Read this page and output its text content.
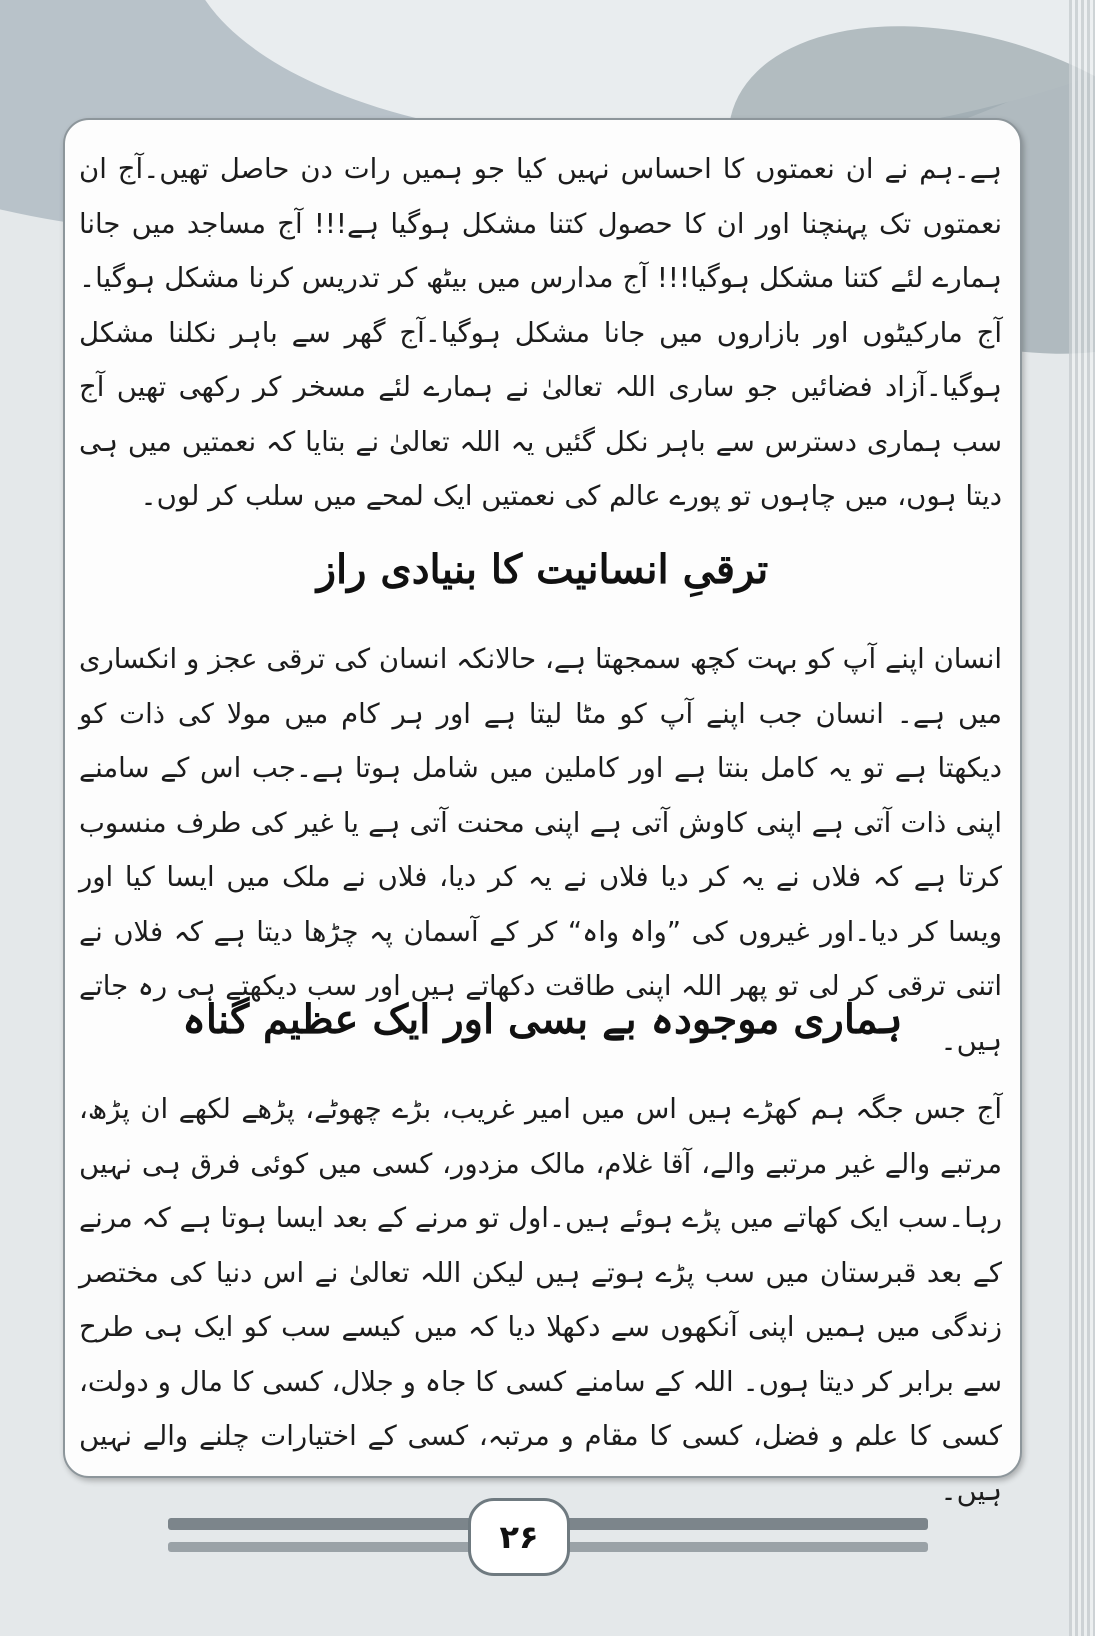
ہے۔ہم نے ان نعمتوں کا احساس نہیں کیا جو ہمیں رات دن حاصل تھیں۔آج ان نعمتوں تک پہنچنا اور ان کا حصول کتنا مشکل ہوگیا ہے!!! آج مساجد میں جانا ہمارے لئے کتنا مشکل ہوگیا!!! آج مدارس میں بیٹھ کر تدریس کرنا مشکل ہوگیا۔آج مارکیٹوں اور بازاروں میں جانا مشکل ہوگیا۔آج گھر سے باہر نکلنا مشکل ہوگیا۔آزاد فضائیں جو ساری اللہ تعالیٰ نے ہمارے لئے مسخر کر رکھی تھیں آج سب ہماری دسترس سے باہر نکل گئیں یہ اللہ تعالیٰ نے بتایا کہ نعمتیں میں ہی دیتا ہوں، میں چاہوں تو پورے عالم کی نعمتیں ایک لمحے میں سلب کر لوں۔

ترقیِ انسانیت کا بنیادی راز

انسان اپنے آپ کو بہت کچھ سمجھتا ہے، حالانکہ انسان کی ترقی عجز و انکساری میں ہے۔ انسان جب اپنے آپ کو مٹا لیتا ہے اور ہر کام میں مولا کی ذات کو دیکھتا ہے تو یہ کامل بنتا ہے اور کاملین میں شامل ہوتا ہے۔جب اس کے سامنے اپنی ذات آتی ہے اپنی کاوش آتی ہے اپنی محنت آتی ہے یا غیر کی طرف منسوب کرتا ہے کہ فلاں نے یہ کر دیا فلاں نے یہ کر دیا، فلاں نے ملک میں ایسا کیا اور ویسا کر دیا۔اور غیروں کی ”واہ واہ“ کر کے آسمان پہ چڑھا دیتا ہے کہ فلاں نے اتنی ترقی کر لی تو پھر اللہ اپنی طاقت دکھاتے ہیں اور سب دیکھتے ہی رہ جاتے ہیں۔

ہماری موجودہ بے بسی اور ایک عظیم گناہ

آج جس جگہ ہم کھڑے ہیں اس میں امیر غریب، بڑے چھوٹے، پڑھے لکھے ان پڑھ، مرتبے والے غیر مرتبے والے، آقا غلام، مالک مزدور، کسی میں کوئی فرق ہی نہیں رہا۔سب ایک کھاتے میں پڑے ہوئے ہیں۔اول تو مرنے کے بعد ایسا ہوتا ہے کہ مرنے کے بعد قبرستان میں سب پڑے ہوتے ہیں لیکن اللہ تعالیٰ نے اس دنیا کی مختصر زندگی میں ہمیں اپنی آنکھوں سے دکھلا دیا کہ میں کیسے سب کو ایک ہی طرح سے برابر کر دیتا ہوں۔ اللہ کے سامنے کسی کا جاہ و جلال، کسی کا مال و دولت، کسی کا علم و فضل، کسی کا مقام و مرتبہ، کسی کے اختیارات چلنے والے نہیں ہیں۔

۲۶
